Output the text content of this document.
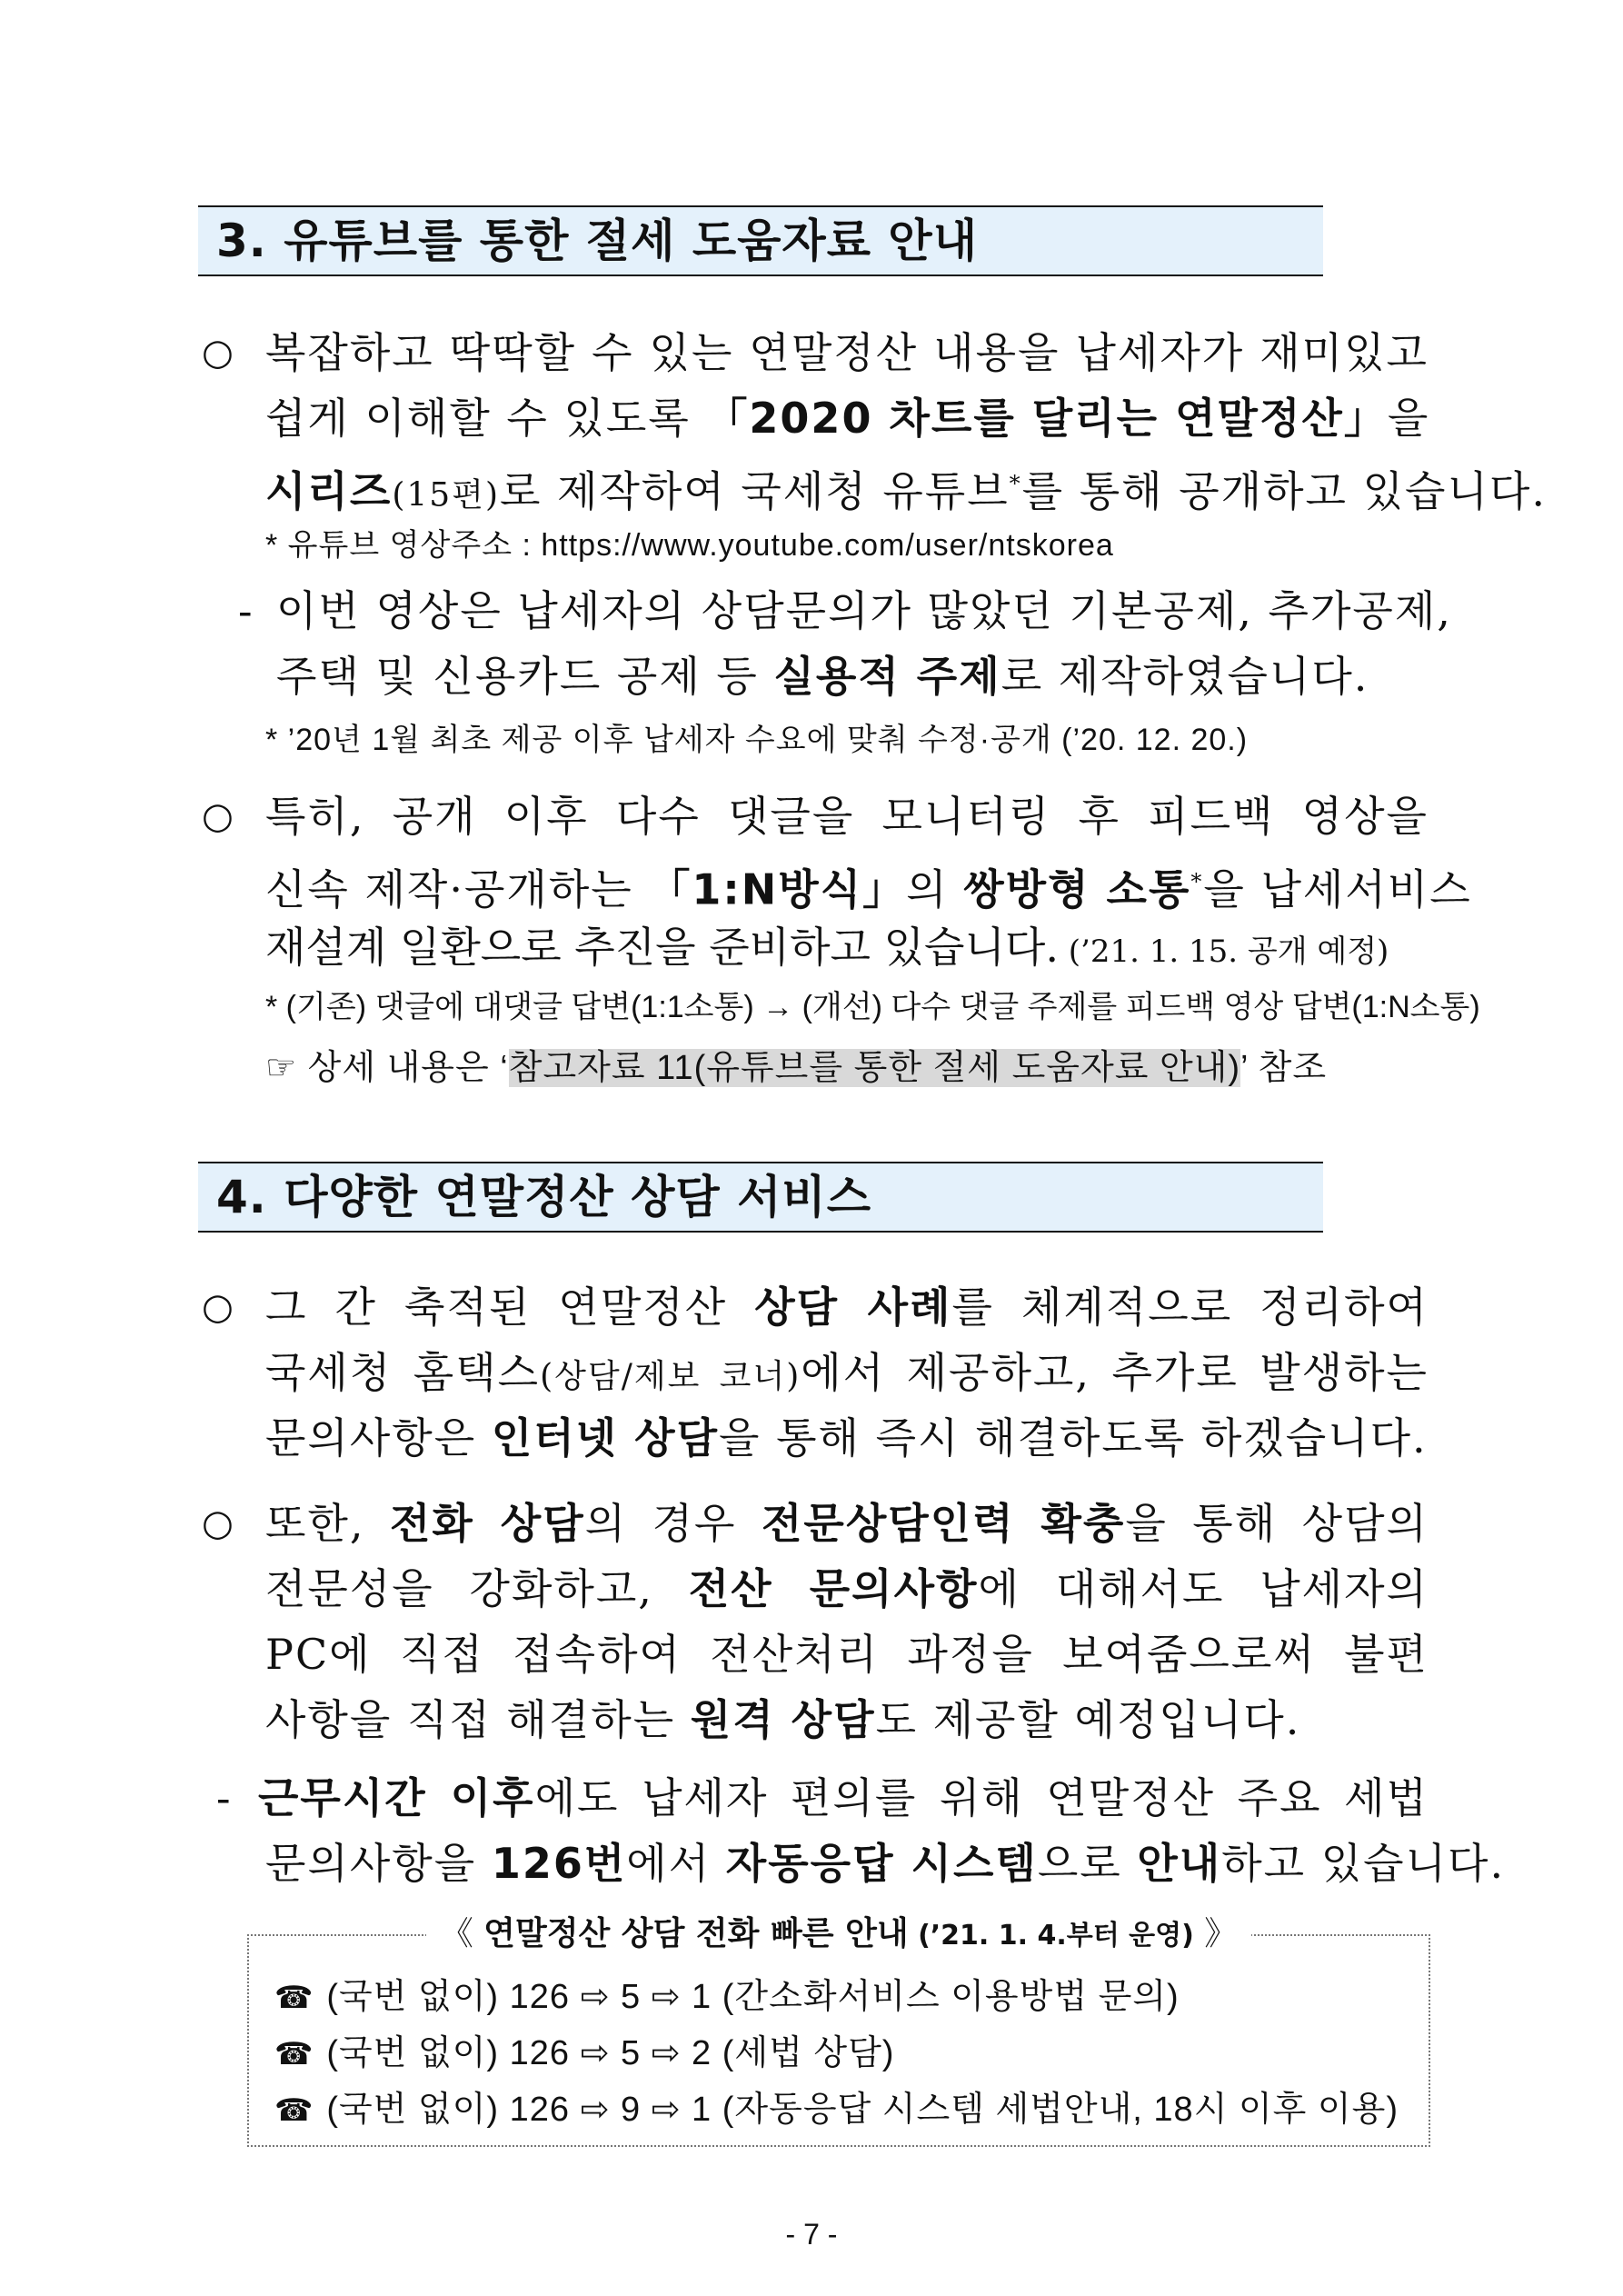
3. 유튜브를 통한 절세 도움자료 안내
○ 복잡하고 딱딱할 수 있는 연말정산 내용을 납세자가 재미있고
쉽게 이해할 수 있도록 「2020 차트를 달리는 연말정산」을
시리즈(15편)로 제작하여 국세청 유튜브*를 통해 공개하고 있습니다.
* 유튜브 영상주소 : https://www.youtube.com/user/ntskorea
- 이번 영상은 납세자의 상담문의가 많았던 기본공제, 추가공제,
주택 및 신용카드 공제 등 실용적 주제로 제작하였습니다.
* ’20년 1월 최초 제공 이후 납세자 수요에 맞춰 수정·공개 (’20. 12. 20.)
○ 특히, 공개 이후 다수 댓글을 모니터링 후 피드백 영상을
신속 제작·공개하는 「1:N방식」의 쌍방형 소통*을 납세서비스
재설계 일환으로 추진을 준비하고 있습니다. (’21. 1. 15. 공개 예정)
* (기존) 댓글에 대댓글 답변(1:1소통) → (개선) 다수 댓글 주제를 피드백 영상 답변(1:N소통)
☞ 상세 내용은 ‘참고자료 11(유튜브를 통한 절세 도움자료 안내)’ 참조
4. 다양한 연말정산 상담 서비스
○ 그 간 축적된 연말정산 상담 사례를 체계적으로 정리하여
국세청 홈택스(상담/제보 코너)에서 제공하고, 추가로 발생하는
문의사항은 인터넷 상담을 통해 즉시 해결하도록 하겠습니다.
○ 또한, 전화 상담의 경우 전문상담인력 확충을 통해 상담의
전문성을 강화하고, 전산 문의사항에 대해서도 납세자의
PC에 직접 접속하여 전산처리 과정을 보여줌으로써 불편
사항을 직접 해결하는 원격 상담도 제공할 예정입니다.
- 근무시간 이후에도 납세자 편의를 위해 연말정산 주요 세법
문의사항을 126번에서 자동응답 시스템으로 안내하고 있습니다.
《 연말정산 상담 전화 빠른 안내 (’21. 1. 4.부터 운영) 》
☎ (국번 없이) 126 ⇨ 5 ⇨ 1 (간소화서비스 이용방법 문의)
☎ (국번 없이) 126 ⇨ 5 ⇨ 2 (세법 상담)
☎ (국번 없이) 126 ⇨ 9 ⇨ 1 (자동응답 시스템 세법안내, 18시 이후 이용)
- 7 -
